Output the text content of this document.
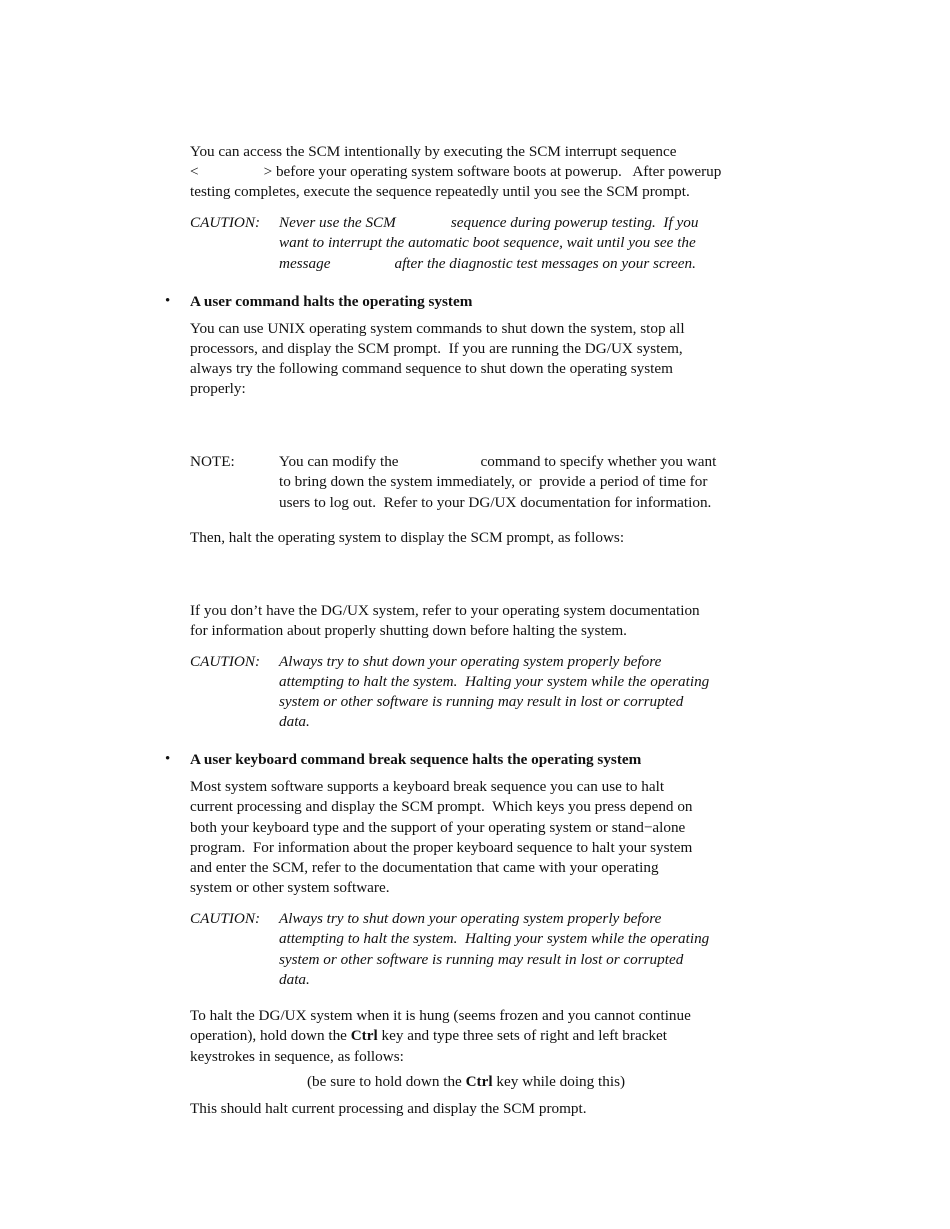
You can access the SCM intentionally by executing the SCM interrupt sequence
<	> before your operating system software boots at powerup.   After powerup
testing completes, execute the sequence repeatedly until you see the SCM prompt.
CAUTION: Never use the SCM	sequence during powerup testing.  If you
want to interrupt the automatic boot sequence, wait until you see the
message	after the diagnostic test messages on your screen.
• A user command halts the operating system
You can use UNIX operating system commands to shut down the system, stop all
processors, and display the SCM prompt.  If you are running the DG/UX system,
always try the following command sequence to shut down the operating system
properly:
NOTE:	You can modify the	command to specify whether you want
to bring down the system immediately, or  provide a period of time for
users to log out.  Refer to your DG/UX documentation for information.
Then, halt the operating system to display the SCM prompt, as follows:
If you don’t have the DG/UX system, refer to your operating system documentation
for information about properly shutting down before halting the system.
CAUTION: Always try to shut down your operating system properly before
attempting to halt the system.  Halting your system while the operating
system or other software is running may result in lost or corrupted
data.
• A user keyboard command break sequence halts the operating system
Most system software supports a keyboard break sequence you can use to halt
current processing and display the SCM prompt.  Which keys you press depend on
both your keyboard type and the support of your operating system or stand−alone
program.  For information about the proper keyboard sequence to halt your system
and enter the SCM, refer to the documentation that came with your operating
system or other system software.
CAUTION: Always try to shut down your operating system properly before
attempting to halt the system.  Halting your system while the operating
system or other software is running may result in lost or corrupted
data.
To halt the DG/UX system when it is hung (seems frozen and you cannot continue
operation), hold down the Ctrl key and type three sets of right and left bracket
keystrokes in sequence, as follows:
(be sure to hold down the Ctrl key while doing this)
This should halt current processing and display the SCM prompt.
